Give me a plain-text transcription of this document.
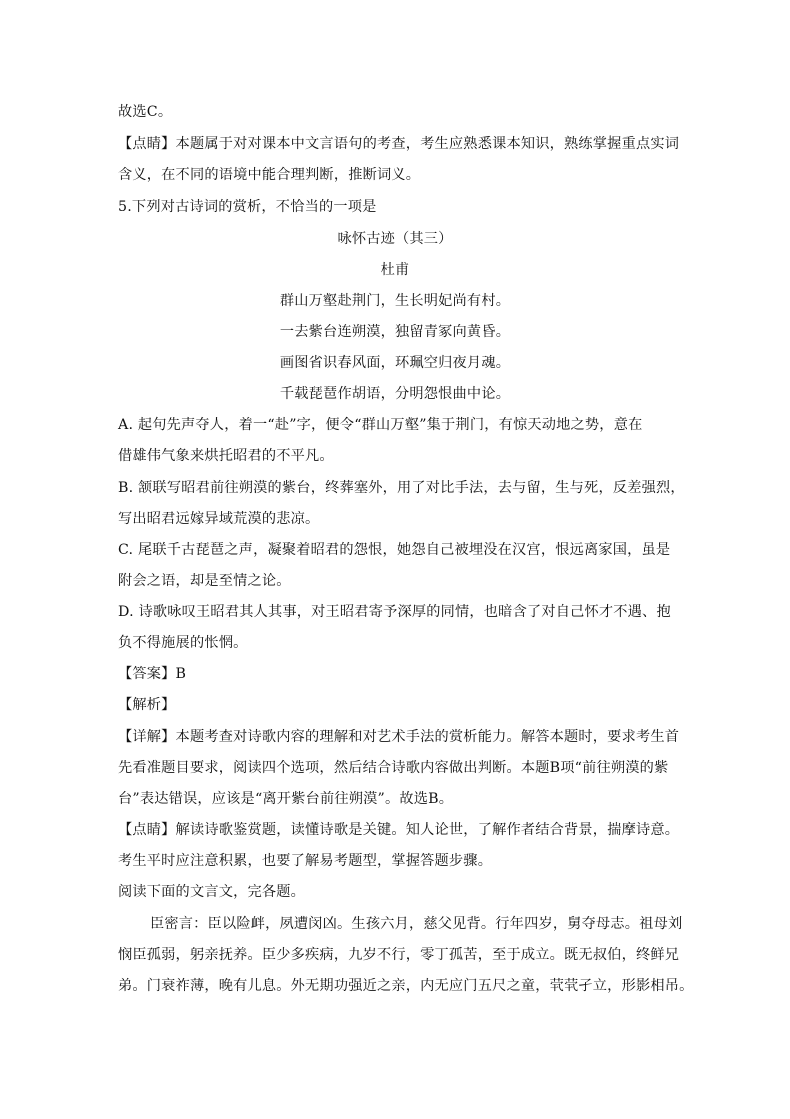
故选C。
【点睛】本题属于对对课本中文言语句的考查，考生应熟悉课本知识，熟练掌握重点实词
含义，在不同的语境中能合理判断，推断词义。
5.下列对古诗词的赏析，不恰当的一项是
咏怀古迹（其三）
杜甫
群山万壑赴荆门，生长明妃尚有村。
一去紫台连朔漠，独留青冢向黄昏。
画图省识春风面，环珮空归夜月魂。
千载琵琶作胡语，分明怨恨曲中论。
A. 起句先声夺人，着一“赴”字，便令“群山万壑”集于荆门，有惊天动地之势，意在
借雄伟气象来烘托昭君的不平凡。
B. 颔联写昭君前往朔漠的紫台，终葬塞外，用了对比手法，去与留，生与死，反差强烈，
写出昭君远嫁异域荒漠的悲凉。
C. 尾联千古琵琶之声，凝聚着昭君的怨恨，她怨自己被埋没在汉宫，恨远离家国，虽是
附会之语，却是至情之论。
D. 诗歌咏叹王昭君其人其事，对王昭君寄予深厚的同情，也暗含了对自己怀才不遇、抱
负不得施展的怅惘。
【答案】B
【解析】
【详解】本题考查对诗歌内容的理解和对艺术手法的赏析能力。解答本题时，要求考生首
先看准题目要求，阅读四个选项，然后结合诗歌内容做出判断。本题B项“前往朔漠的紫
台”表达错误，应该是“离开紫台前往朔漠”。故选B。
【点睛】解读诗歌鉴赏题，读懂诗歌是关键。知人论世，了解作者结合背景，揣摩诗意。
考生平时应注意积累，也要了解易考题型，掌握答题步骤。
阅读下面的文言文，完各题。
臣密言：臣以险衅，夙遭闵凶。生孩六月，慈父见背。行年四岁，舅夺母志。祖母刘
悯臣孤弱，躬亲抚养。臣少多疾病，九岁不行，零丁孤苦，至于成立。既无叔伯，终鲜兄
弟。门衰祚薄，晚有儿息。外无期功强近之亲，内无应门五尺之童，茕茕孑立，形影相吊。
